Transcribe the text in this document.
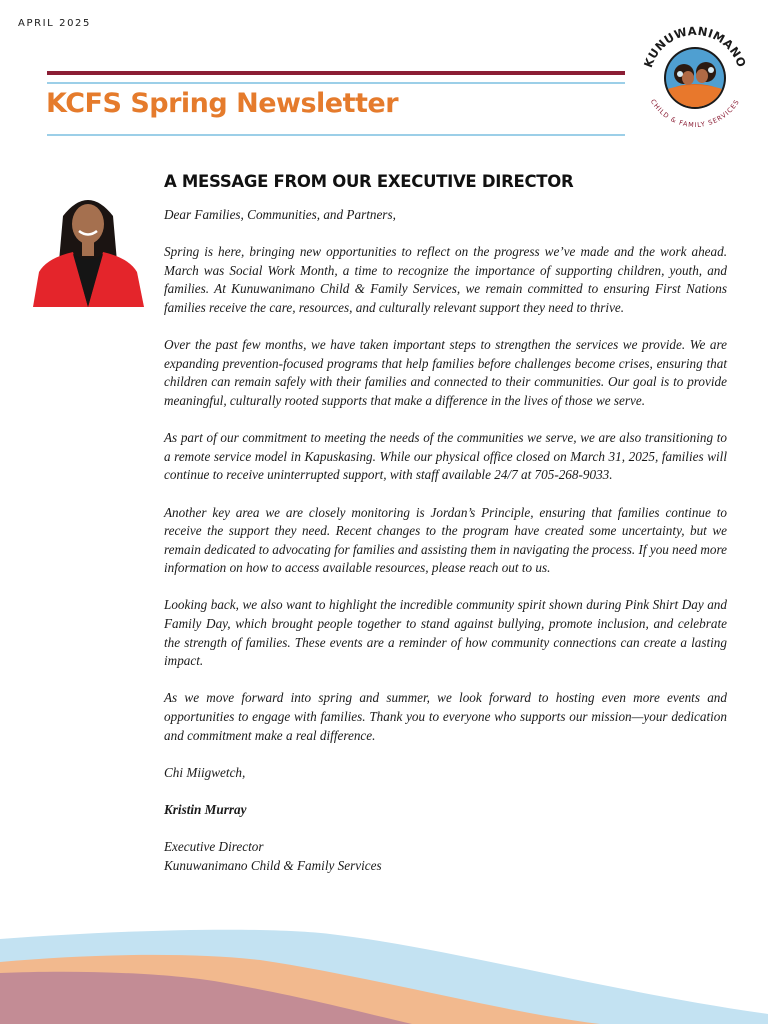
APRIL 2025
KCFS Spring Newsletter
KUNUWANIMANO
CHILD & FAMILY SERVICES
A MESSAGE FROM OUR EXECUTIVE DIRECTOR

Dear Families, Communities, and Partners,

Spring is here, bringing new opportunities to reflect on the progress we’ve made and the work ahead. March was Social Work Month, a time to recognize the importance of supporting children, youth, and families. At Kunuwanimano Child & Family Services, we remain committed to ensuring First Nations families receive the care, resources, and culturally relevant support they need to thrive.

Over the past few months, we have taken important steps to strengthen the services we provide. We are expanding prevention-focused programs that help families before challenges become crises, ensuring that children can remain safely with their families and connected to their communities. Our goal is to provide meaningful, culturally rooted supports that make a difference in the lives of those we serve.

As part of our commitment to meeting the needs of the communities we serve, we are also transitioning to a remote service model in Kapuskasing. While our physical office closed on March 31, 2025, families will continue to receive uninterrupted support, with staff available 24/7 at 705-268-9033.

Another key area we are closely monitoring is Jordan’s Principle, ensuring that families continue to receive the support they need. Recent changes to the program have created some uncertainty, but we remain dedicated to advocating for families and assisting them in navigating the process. If you need more information on how to access available resources, please reach out to us.

Looking back, we also want to highlight the incredible community spirit shown during Pink Shirt Day and Family Day, which brought people together to stand against bullying, promote inclusion, and celebrate the strength of families. These events are a reminder of how community connections can create a lasting impact.

As we move forward into spring and summer, we look forward to hosting even more events and opportunities to engage with families. Thank you to everyone who supports our mission—your dedication and commitment make a real difference.

Chi Miigwetch,

Kristin Murray

Executive Director

Kunuwanimano Child & Family Services
